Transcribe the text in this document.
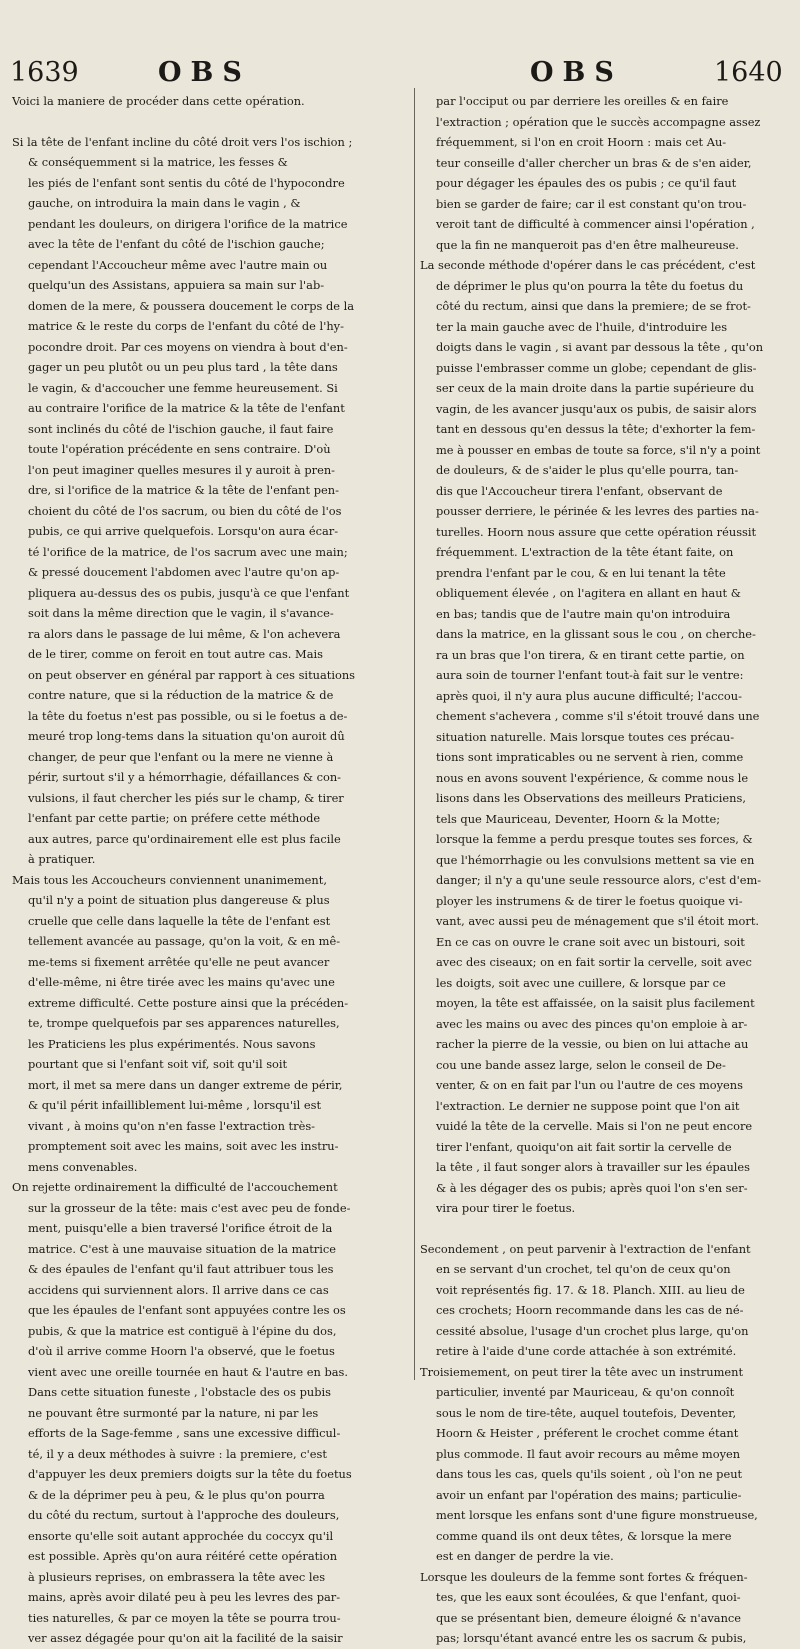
1639	OBS	OBS	1640
Voici la maniere de procéder dans cette opération.
Si la tête de l'enfant incline du côté droit vers l'os ischion ;
& conséquemment si la matrice, les fesses &
les piés de l'enfant sont sentis du côté de l'hypocondre
gauche, on introduira la main dans le vagin , &
pendant les douleurs, on dirigera l'orifice de la matrice
avec la tête de l'enfant du côté de l'ischion gauche;
cependant l'Accoucheur même avec l'autre main ou
quelqu'un des Assistans, appuiera sa main sur l'ab-
domen de la mere, & poussera doucement le corps de la
matrice & le reste du corps de l'enfant du côté de l'hy-
pocondre droit. Par ces moyens on viendra à bout d'en-
gager un peu plutôt ou un peu plus tard , la tête dans
le vagin, & d'accoucher une femme heureusement. Si
au contraire l'orifice de la matrice & la tête de l'enfant
sont inclinés du côté de l'ischion gauche, il faut faire
toute l'opération précédente en sens contraire. D'où
l'on peut imaginer quelles mesures il y auroit à pren-
dre, si l'orifice de la matrice & la tête de l'enfant pen-
choient du côté de l'os sacrum, ou bien du côté de l'os
pubis, ce qui arrive quelquefois. Lorsqu'on aura écar-
té l'orifice de la matrice, de l'os sacrum avec une main;
& pressé doucement l'abdomen avec l'autre qu'on ap-
pliquera au-dessus des os pubis, jusqu'à ce que l'enfant
soit dans la même direction que le vagin, il s'avance-
ra alors dans le passage de lui même, & l'on achevera
de le tirer, comme on feroit en tout autre cas. Mais
on peut observer en général par rapport à ces situations
contre nature, que si la réduction de la matrice & de
la tête du foetus n'est pas possible, ou si le foetus a de-
meuré trop long-tems dans la situation qu'on auroit dû
changer, de peur que l'enfant ou la mere ne vienne à
périr, surtout s'il y a hémorrhagie, défaillances & con-
vulsions, il faut chercher les piés sur le champ, & tirer
l'enfant par cette partie; on préfere cette méthode
aux autres, parce qu'ordinairement elle est plus facile
à pratiquer.
Mais tous les Accoucheurs conviennent unanimement,
qu'il n'y a point de situation plus dangereuse & plus
cruelle que celle dans laquelle la tête de l'enfant est
tellement avancée au passage, qu'on la voit, & en mê-
me-tems si fixement arrêtée qu'elle ne peut avancer
d'elle-même, ni être tirée avec les mains qu'avec une
extreme difficulté. Cette posture ainsi que la précéden-
te, trompe quelquefois par ses apparences naturelles,
les Praticiens les plus expérimentés. Nous savons
pourtant que si l'enfant soit vif, soit qu'il soit
mort, il met sa mere dans un danger extreme de périr,
& qu'il périt infailliblement lui-même , lorsqu'il est
vivant , à moins qu'on n'en fasse l'extraction très-
promptement soit avec les mains, soit avec les instru-
mens convenables.
On rejette ordinairement la difficulté de l'accouchement
sur la grosseur de la tête: mais c'est avec peu de fonde-
ment, puisqu'elle a bien traversé l'orifice étroit de la
matrice. C'est à une mauvaise situation de la matrice
& des épaules de l'enfant qu'il faut attribuer tous les
accidens qui surviennent alors. Il arrive dans ce cas
que les épaules de l'enfant sont appuyées contre les os
pubis, & que la matrice est contiguë à l'épine du dos,
d'où il arrive comme Hoorn l'a observé, que le foetus
vient avec une oreille tournée en haut & l'autre en bas.
Dans cette situation funeste , l'obstacle des os pubis
ne pouvant être surmonté par la nature, ni par les
efforts de la Sage-femme , sans une excessive difficul-
té, il y a deux méthodes à suivre : la premiere, c'est
d'appuyer les deux premiers doigts sur la tête du foetus
& de la déprimer peu à peu, & le plus qu'on pourra
du côté du rectum, surtout à l'approche des douleurs,
ensorte qu'elle soit autant approchée du coccyx qu'il
est possible. Après qu'on aura réitéré cette opération
à plusieurs reprises, on embrassera la tête avec les
mains, après avoir dilaté peu à peu les levres des par-
ties naturelles, & par ce moyen la tête se pourra trou-
ver assez dégagée pour qu'on ait la facilité de la saisir
par l'occiput ou par derriere les oreilles & en faire
l'extraction ; opération que le succès accompagne assez
fréquemment, si l'on en croit Hoorn : mais cet Au-
teur conseille d'aller chercher un bras & de s'en aider,
pour dégager les épaules des os pubis ; ce qu'il faut
bien se garder de faire; car il est constant qu'on trou-
veroit tant de difficulté à commencer ainsi l'opération ,
que la fin ne manqueroit pas d'en être malheureuse.
La seconde méthode d'opérer dans le cas précédent, c'est
de déprimer le plus qu'on pourra la tête du foetus du
côté du rectum, ainsi que dans la premiere; de se frot-
ter la main gauche avec de l'huile, d'introduire les
doigts dans le vagin , si avant par dessous la tête , qu'on
puisse l'embrasser comme un globe; cependant de glis-
ser ceux de la main droite dans la partie supérieure du
vagin, de les avancer jusqu'aux os pubis, de saisir alors
tant en dessous qu'en dessus la tête; d'exhorter la fem-
me à pousser en embas de toute sa force, s'il n'y a point
de douleurs, & de s'aider le plus qu'elle pourra, tan-
dis que l'Accoucheur tirera l'enfant, observant de
pousser derriere, le périnée & les levres des parties na-
turelles. Hoorn nous assure que cette opération réussit
fréquemment. L'extraction de la tête étant faite, on
prendra l'enfant par le cou, & en lui tenant la tête
obliquement élevée , on l'agitera en allant en haut &
en bas; tandis que de l'autre main qu'on introduira
dans la matrice, en la glissant sous le cou , on cherche-
ra un bras que l'on tirera, & en tirant cette partie, on
aura soin de tourner l'enfant tout-à fait sur le ventre:
après quoi, il n'y aura plus aucune difficulté; l'accou-
chement s'achevera , comme s'il s'étoit trouvé dans une
situation naturelle. Mais lorsque toutes ces précau-
tions sont impraticables ou ne servent à rien, comme
nous en avons souvent l'expérience, & comme nous le
lisons dans les Observations des meilleurs Praticiens,
tels que Mauriceau, Deventer, Hoorn & la Motte;
lorsque la femme a perdu presque toutes ses forces, &
que l'hémorrhagie ou les convulsions mettent sa vie en
danger; il n'y a qu'une seule ressource alors, c'est d'em-
ployer les instrumens & de tirer le foetus quoique vi-
vant, avec aussi peu de ménagement que s'il étoit mort.
En ce cas on ouvre le crane soit avec un bistouri, soit
avec des ciseaux; on en fait sortir la cervelle, soit avec
les doigts, soit avec une cuillere, & lorsque par ce
moyen, la tête est affaissée, on la saisit plus facilement
avec les mains ou avec des pinces qu'on emploie à ar-
racher la pierre de la vessie, ou bien on lui attache au
cou une bande assez large, selon le conseil de De-
venter, & on en fait par l'un ou l'autre de ces moyens
l'extraction. Le dernier ne suppose point que l'on ait
vuidé la tête de la cervelle. Mais si l'on ne peut encore
tirer l'enfant, quoiqu'on ait fait sortir la cervelle de
la tête , il faut songer alors à travailler sur les épaules
& à les dégager des os pubis; après quoi l'on s'en ser-
vira pour tirer le foetus.
Secondement , on peut parvenir à l'extraction de l'enfant
en se servant d'un crochet, tel qu'on de ceux qu'on
voit représentés fig. 17. & 18. Planch. XIII. au lieu de
ces crochets; Hoorn recommande dans les cas de né-
cessité absolue, l'usage d'un crochet plus large, qu'on
retire à l'aide d'une corde attachée à son extrémité.
Troisiemement, on peut tirer la tête avec un instrument
particulier, inventé par Mauriceau, & qu'on connoît
sous le nom de tire-tête, auquel toutefois, Deventer,
Hoorn & Heister , préferent le crochet comme étant
plus commode. Il faut avoir recours au même moyen
dans tous les cas, quels qu'ils soient , où l'on ne peut
avoir un enfant par l'opération des mains; particulie-
ment lorsque les enfans sont d'une figure monstrueuse,
comme quand ils ont deux têtes, & lorsque la mere
est en danger de perdre la vie.
Lorsque les douleurs de la femme sont fortes & fréquen-
tes, que les eaux sont écoulées, & que l'enfant, quoi-
que se présentant bien, demeure éloigné & n'avance
pas; lorsqu'étant avancé entre les os sacrum & pubis,
